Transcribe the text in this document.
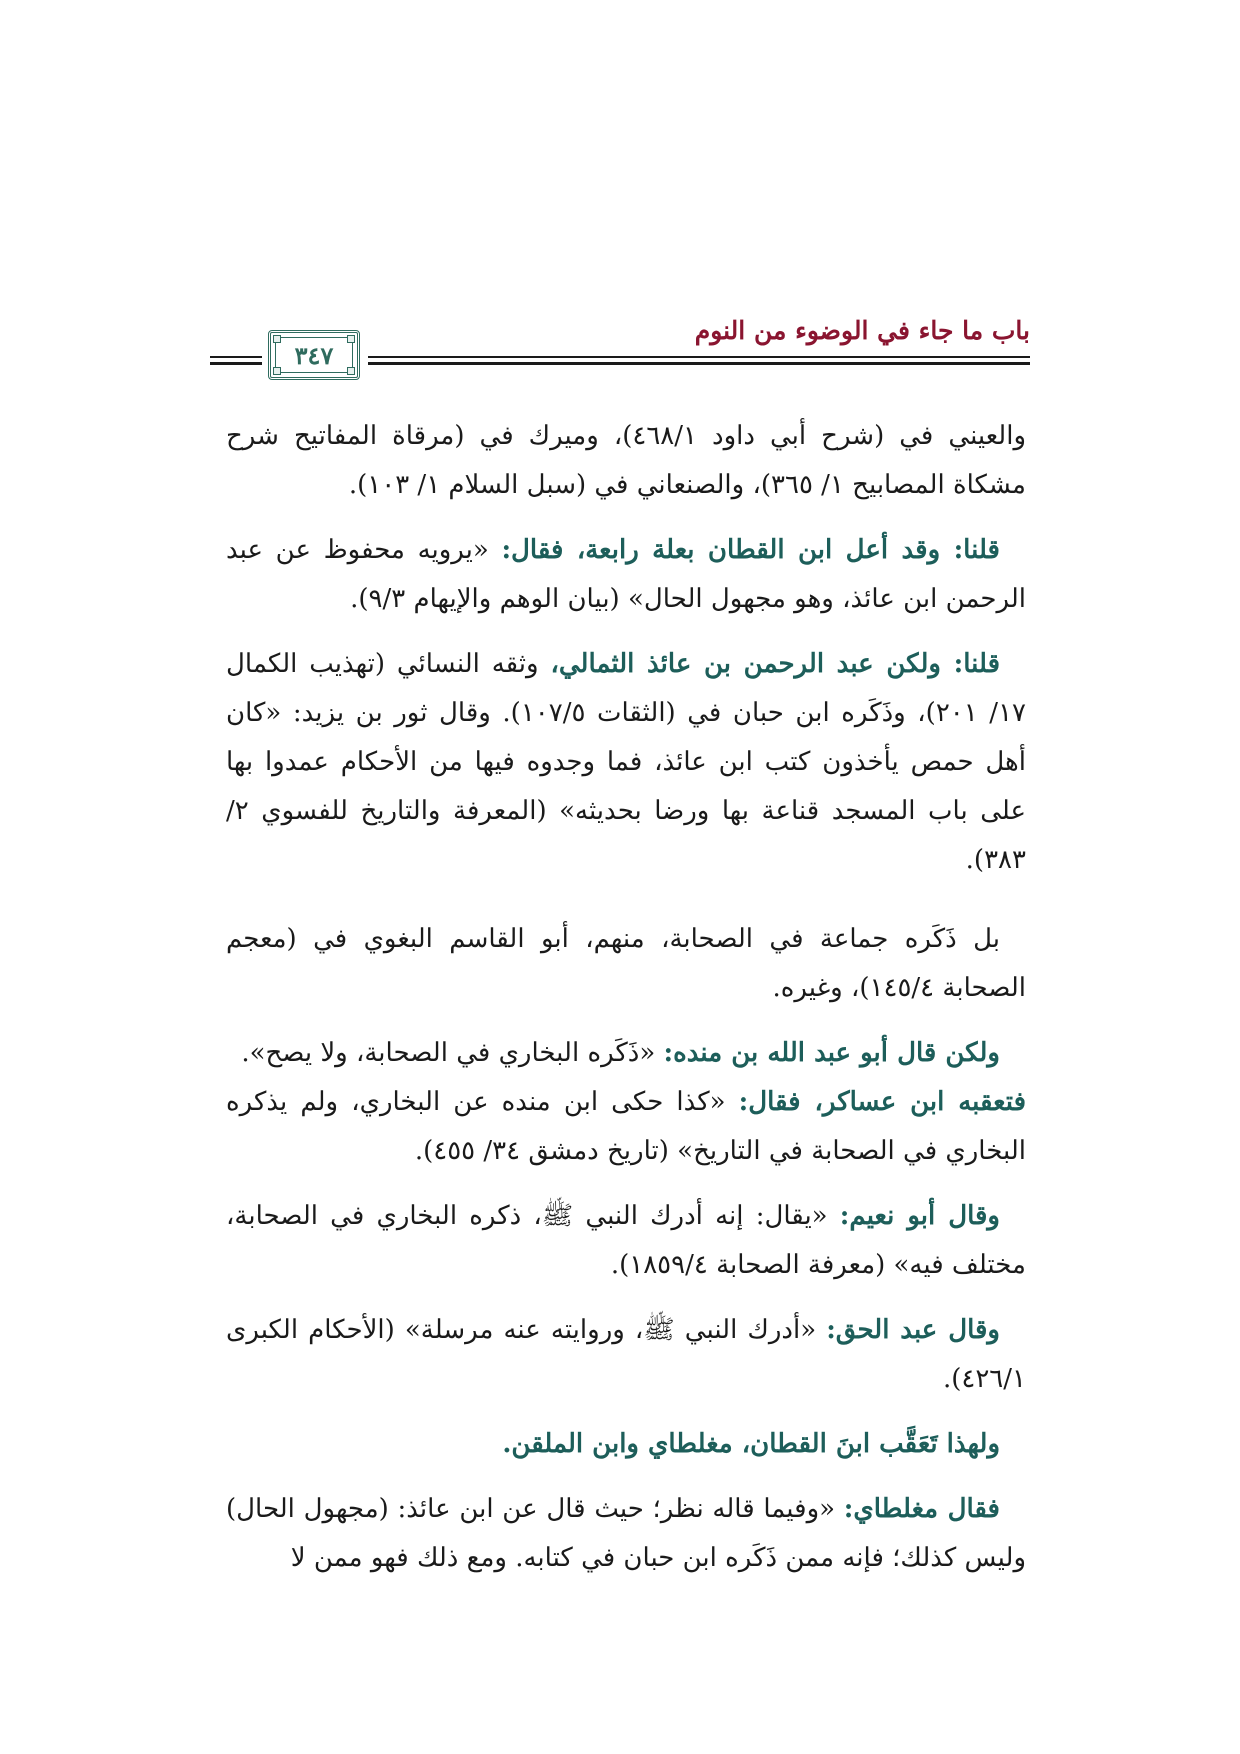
باب ما جاء في الوضوء من النوم
٣٤٧

والعيني في (شرح أبي داود ٤٦٨/١)، وميرك في (مرقاة المفاتيح شرح مشكاة المصابيح ١/ ٣٦٥)، والصنعاني في (سبل السلام ١/ ١٠٣).

قلنا: وقد أعل ابن القطان بعلة رابعة، فقال: «يرويه محفوظ عن عبد الرحمن ابن عائذ، وهو مجهول الحال» (بيان الوهم والإيهام ٩/٣).

قلنا: ولكن عبد الرحمن بن عائذ الثمالي، وثقه النسائي (تهذيب الكمال ١٧/ ٢٠١)، وذَكَره ابن حبان في (الثقات ١٠٧/٥). وقال ثور بن يزيد: «كان أهل حمص يأخذون كتب ابن عائذ، فما وجدوه فيها من الأحكام عمدوا بها على باب المسجد قناعة بها ورضا بحديثه» (المعرفة والتاريخ للفسوي ٢/ ٣٨٣).

بل ذَكَره جماعة في الصحابة، منهم، أبو القاسم البغوي في (معجم الصحابة ١٤٥/٤)، وغيره.

ولكن قال أبو عبد الله بن منده: «ذَكَره البخاري في الصحابة، ولا يصح».
فتعقبه ابن عساكر، فقال: «كذا حكى ابن منده عن البخاري، ولم يذكره البخاري في الصحابة في التاريخ» (تاريخ دمشق ٣٤/ ٤٥٥).

وقال أبو نعيم: «يقال: إنه أدرك النبي ﷺ، ذكره البخاري في الصحابة، مختلف فيه» (معرفة الصحابة ١٨٥٩/٤).

وقال عبد الحق: «أدرك النبي ﷺ، وروايته عنه مرسلة» (الأحكام الكبرى ٤٢٦/١).

ولهذا تَعَقَّب ابنَ القطان، مغلطاي وابن الملقن.

فقال مغلطاي: «وفيما قاله نظر؛ حيث قال عن ابن عائذ: (مجهول الحال) وليس كذلك؛ فإنه ممن ذَكَره ابن حبان في كتابه. ومع ذلك فهو ممن لا
